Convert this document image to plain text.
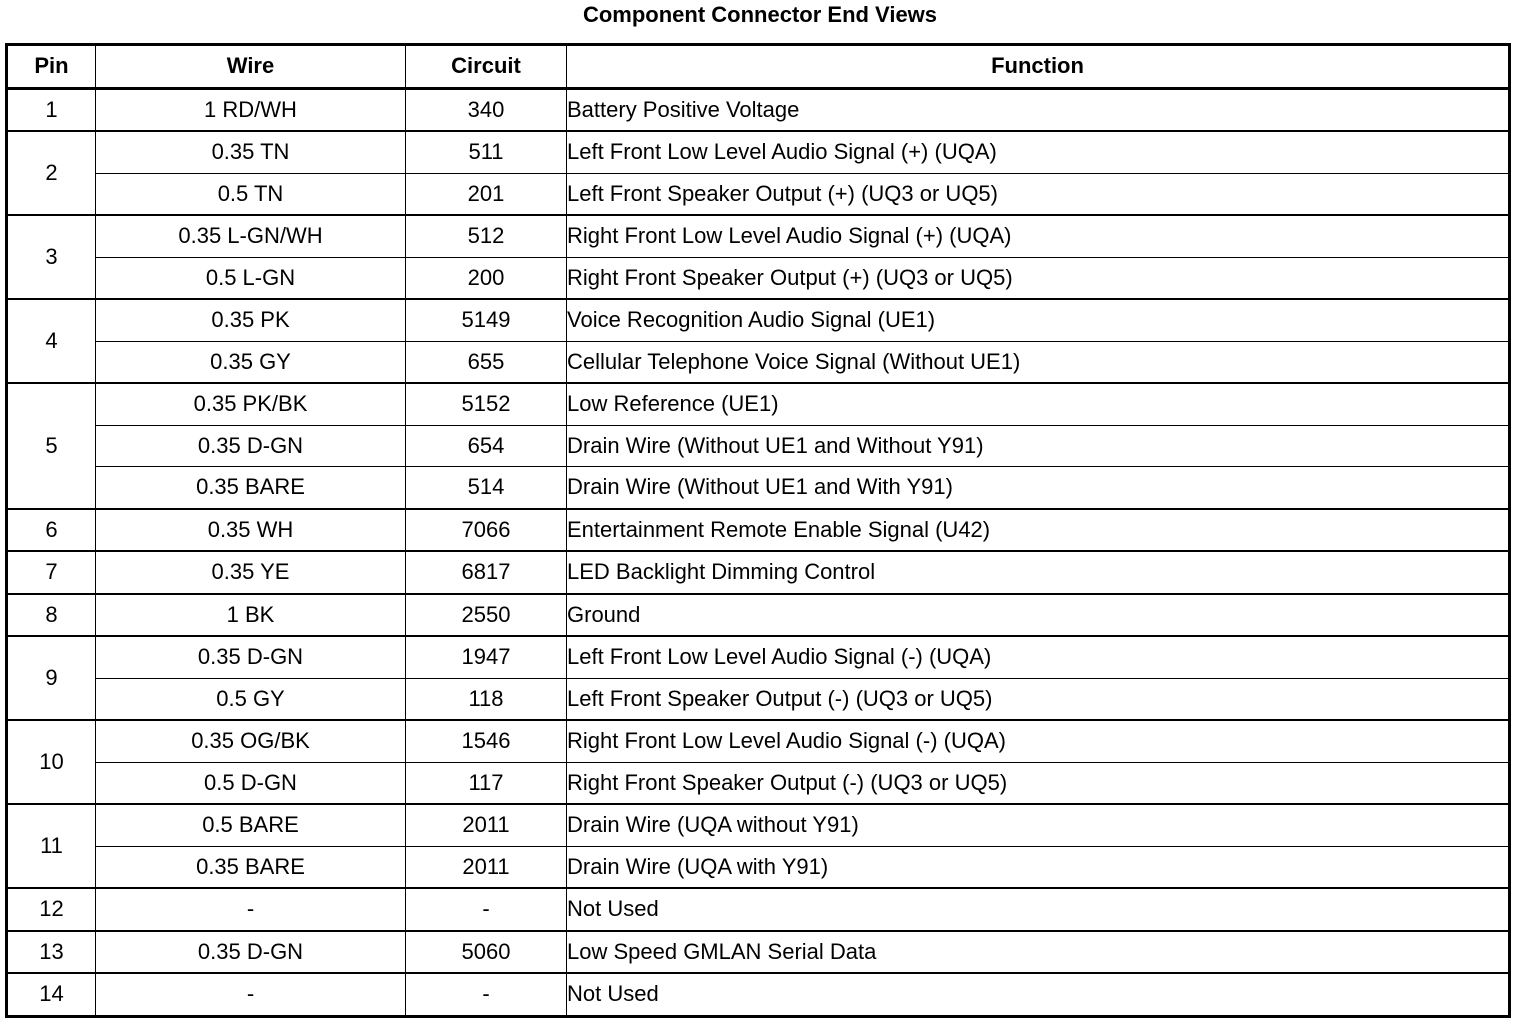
Component Connector End Views
Pin	Wire	Circuit	Function
1	1 RD/WH	340	Battery Positive Voltage
2	0.35 TN	511	Left Front Low Level Audio Signal (+) (UQA)
	0.5 TN	201	Left Front Speaker Output (+) (UQ3 or UQ5)
3	0.35 L-GN/WH	512	Right Front Low Level Audio Signal (+) (UQA)
	0.5 L-GN	200	Right Front Speaker Output (+) (UQ3 or UQ5)
4	0.35 PK	5149	Voice Recognition Audio Signal (UE1)
	0.35 GY	655	Cellular Telephone Voice Signal (Without UE1)
5	0.35 PK/BK	5152	Low Reference (UE1)
	0.35 D-GN	654	Drain Wire (Without UE1 and Without Y91)
	0.35 BARE	514	Drain Wire (Without UE1 and With Y91)
6	0.35 WH	7066	Entertainment Remote Enable Signal (U42)
7	0.35 YE	6817	LED Backlight Dimming Control
8	1 BK	2550	Ground
9	0.35 D-GN	1947	Left Front Low Level Audio Signal (-) (UQA)
	0.5 GY	118	Left Front Speaker Output (-) (UQ3 or UQ5)
10	0.35 OG/BK	1546	Right Front Low Level Audio Signal (-) (UQA)
	0.5 D-GN	117	Right Front Speaker Output (-) (UQ3 or UQ5)
11	0.5 BARE	2011	Drain Wire (UQA without Y91)
	0.35 BARE	2011	Drain Wire (UQA with Y91)
12	-	-	Not Used
13	0.35 D-GN	5060	Low Speed GMLAN Serial Data
14	-	-	Not Used
